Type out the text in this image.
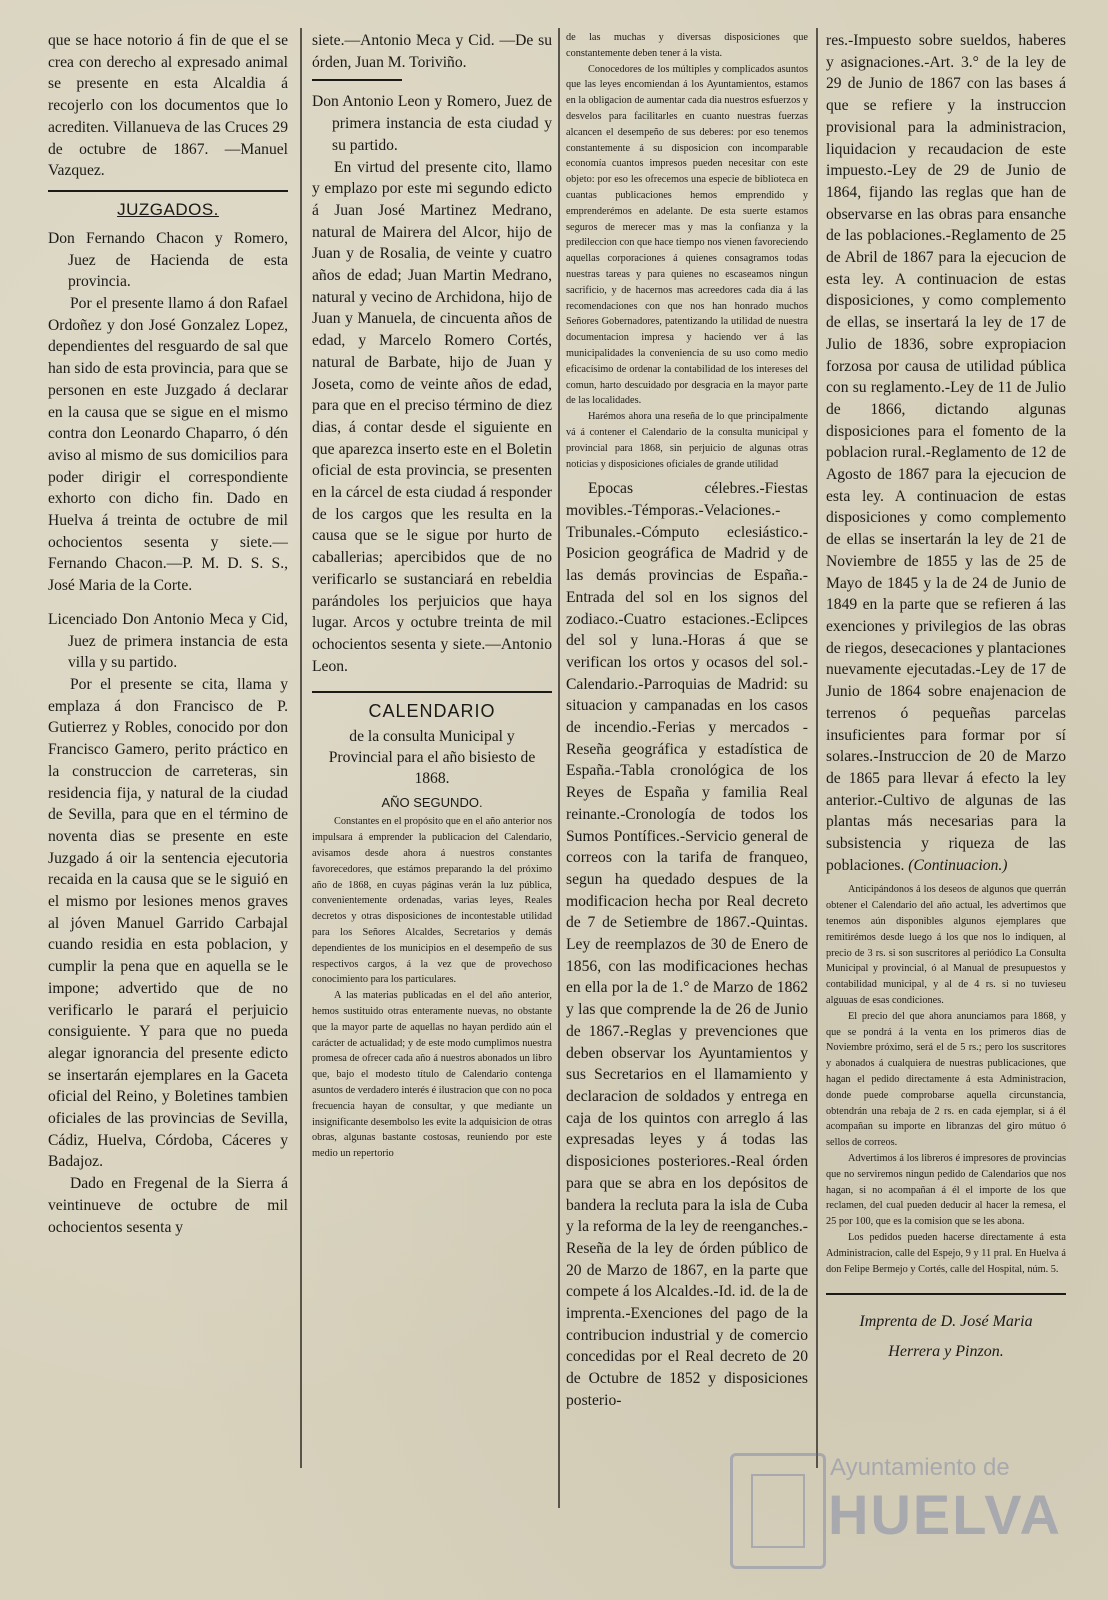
que se hace notorio á fin de que el se crea con derecho al expresado animal se presente en esta Alcaldia á recojerlo con los documentos que lo acrediten. Villanueva de las Cruces 29 de octubre de 1867. —Manuel Vazquez.

JUZGADOS.

Don Fernando Chacon y Romero, Juez de Hacienda de esta provincia.

Por el presente llamo á don Rafael Ordoñez y don José Gonzalez Lopez, dependientes del resguardo de sal que han sido de esta provincia, para que se personen en este Juzgado á declarar en la causa que se sigue en el mismo contra don Leonardo Chaparro, ó dén aviso al mismo de sus domicilios para poder dirigir el correspondiente exhorto con dicho fin. Dado en Huelva á treinta de octubre de mil ochocientos sesenta y siete.—Fernando Chacon.—P. M. D. S. S., José Maria de la Corte.

Licenciado Don Antonio Meca y Cid, Juez de primera instancia de esta villa y su partido.

Por el presente se cita, llama y emplaza á don Francisco de P. Gutierrez y Robles, conocido por don Francisco Gamero, perito práctico en la construccion de carreteras, sin residencia fija, y natural de la ciudad de Sevilla, para que en el término de noventa dias se presente en este Juzgado á oir la sentencia ejecutoria recaida en la causa que se le siguió en el mismo por lesiones menos graves al jóven Manuel Garrido Carbajal cuando residia en esta poblacion, y cumplir la pena que en aquella se le impone; advertido que de no verificarlo le parará el perjuicio consiguiente. Y para que no pueda alegar ignorancia del presente edicto se insertarán ejemplares en la Gaceta oficial del Reino, y Boletines tambien oficiales de las provincias de Sevilla, Cádiz, Huelva, Córdoba, Cáceres y Badajoz.

Dado en Fregenal de la Sierra á veintinueve de octubre de mil ochocientos sesenta y

siete.—Antonio Meca y Cid. —De su órden, Juan M. Toriviño.

Don Antonio Leon y Romero, Juez de primera instancia de esta ciudad y su partido.

En virtud del presente cito, llamo y emplazo por este mi segundo edicto á Juan José Martinez Medrano, natural de Mairera del Alcor, hijo de Juan y de Rosalia, de veinte y cuatro años de edad; Juan Martin Medrano, natural y vecino de Archidona, hijo de Juan y Manuela, de cincuenta años de edad, y Marcelo Romero Cortés, natural de Barbate, hijo de Juan y Joseta, como de veinte años de edad, para que en el preciso término de diez dias, á contar desde el siguiente en que aparezca inserto este en el Boletin oficial de esta provincia, se presenten en la cárcel de esta ciudad á responder de los cargos que les resulta en la causa que se le sigue por hurto de caballerias; apercibidos que de no verificarlo se sustanciará en rebeldia parándoles los perjuicios que haya lugar. Arcos y octubre treinta de mil ochocientos sesenta y siete.—Antonio Leon.

CALENDARIO

de la consulta Municipal y Provincial para el año bisiesto de 1868.

AÑO SEGUNDO.

Constantes en el propósito que en el año anterior nos impulsara á emprender la publicacion del Calendario, avisamos desde ahora á nuestros constantes favorecedores, que estámos preparando la del próximo año de 1868, en cuyas páginas verán la luz pública, convenientemente ordenadas, varias leyes, Reales decretos y otras disposiciones de incontestable utilidad para los Señores Alcaldes, Secretarios y demás dependientes de los municipios en el desempeño de sus respectivos cargos, á la vez que de provechoso conocimiento para los particulares.

A las materias publicadas en el del año anterior, hemos sustituido otras enteramente nuevas, no obstante que la mayor parte de aquellas no hayan perdido aún el carácter de actualidad; y de este modo cumplimos nuestra promesa de ofrecer cada año á nuestros abonados un libro que, bajo el modesto título de Calendario contenga asuntos de verdadero interés é ilustracion que con no poca frecuencia hayan de consultar, y que mediante un insignificante desembolso les evite la adquisicion de otras obras, algunas bastante costosas, reuniendo por este medio un repertorio

de las muchas y diversas disposiciones que constantemente deben tener á la vista.

Conocedores de los múltiples y complicados asuntos que las leyes encomiendan á los Ayuntamientos, estamos en la obligacion de aumentar cada dia nuestros esfuerzos y desvelos para facilitarles en cuanto nuestras fuerzas alcancen el desempeño de sus deberes: por eso tenemos constantemente á su disposicion con incomparable economía cuantos impresos pueden necesitar con este objeto: por eso les ofrecemos una especie de biblioteca en cuantas publicaciones hemos emprendido y emprenderémos en adelante. De esta suerte estamos seguros de merecer mas y mas la confianza y la predileccion con que hace tiempo nos vienen favoreciendo aquellas corporaciones á quienes consagramos todas nuestras tareas y para quienes no escaseamos ningun sacrificio, y de hacernos mas acreedores cada dia á las recomendaciones con que nos han honrado muchos Señores Gobernadores, patentizando la utilidad de nuestra documentacion impresa y haciendo ver á las municipalidades la conveniencia de su uso como medio eficacísimo de ordenar la contabilidad de los intereses del comun, harto descuidado por desgracia en la mayor parte de las localidades.

Harémos ahora una reseña de lo que principalmente vá á contener el Calendario de la consulta municipal y provincial para 1868, sin perjuicio de algunas otras noticias y disposiciones oficiales de grande utilidad

Epocas célebres.-Fiestas movibles.-Témporas.-Velaciones.-Tribunales.-Cómputo eclesiástico.-Posicion geográfica de Madrid y de las demás provincias de España.-Entrada del sol en los signos del zodiaco.-Cuatro estaciones.-Eclipces del sol y luna.-Horas á que se verifican los ortos y ocasos del sol.-Calendario.-Parroquias de Madrid: su situacion y campanadas en los casos de incendio.-Ferias y mercados -Reseña geográfica y estadística de España.-Tabla cronológica de los Reyes de España y familia Real reinante.-Cronología de todos los Sumos Pontífices.-Servicio general de correos con la tarifa de franqueo, segun ha quedado despues de la modificacion hecha por Real decreto de 7 de Setiembre de 1867.-Quintas. Ley de reemplazos de 30 de Enero de 1856, con las modificaciones hechas en ella por la de 1.° de Marzo de 1862 y las que comprende la de 26 de Junio de 1867.-Reglas y prevenciones que deben observar los Ayuntamientos y sus Secretarios en el llamamiento y declaracion de soldados y entrega en caja de los quintos con arreglo á las expresadas leyes y á todas las disposiciones posteriores.-Real órden para que se abra en los depósitos de bandera la recluta para la isla de Cuba y la reforma de la ley de reenganches.-Reseña de la ley de órden público de 20 de Marzo de 1867, en la parte que compete á los Alcaldes.-Id. id. de la de imprenta.-Exenciones del pago de la contribucion industrial y de comercio concedidas por el Real decreto de 20 de Octubre de 1852 y disposiciones posterio-

res.-Impuesto sobre sueldos, haberes y asignaciones.-Art. 3.° de la ley de 29 de Junio de 1867 con las bases á que se refiere y la instruccion provisional para la administracion, liquidacion y recaudacion de este impuesto.-Ley de 29 de Junio de 1864, fijando las reglas que han de observarse en las obras para ensanche de las poblaciones.-Reglamento de 25 de Abril de 1867 para la ejecucion de esta ley. A continuacion de estas disposiciones, y como complemento de ellas, se insertará la ley de 17 de Julio de 1836, sobre expropiacion forzosa por causa de utilidad pública con su reglamento.-Ley de 11 de Julio de 1866, dictando algunas disposiciones para el fomento de la poblacion rural.-Reglamento de 12 de Agosto de 1867 para la ejecucion de esta ley. A continuacion de estas disposiciones y como complemento de ellas se insertarán la ley de 21 de Noviembre de 1855 y las de 25 de Mayo de 1845 y la de 24 de Junio de 1849 en la parte que se refieren á las exenciones y privilegios de las obras de riegos, desecaciones y plantaciones nuevamente ejecutadas.-Ley de 17 de Junio de 1864 sobre enajenacion de terrenos ó pequeñas parcelas insuficientes para formar por sí solares.-Instruccion de 20 de Marzo de 1865 para llevar á efecto la ley anterior.-Cultivo de algunas de las plantas más necesarias para la subsistencia y riqueza de las poblaciones. (Continuacion.)

Anticipándonos á los deseos de algunos que querrán obtener el Calendario del año actual, les advertimos que tenemos aún disponibles algunos ejemplares que remitirémos desde luego á los que nos lo indiquen, al precio de 3 rs. si son suscritores al periódico La Consulta Municipal y provincial, ó al Manual de presupuestos y contabilidad municipal, y al de 4 rs. si no tuvieseu alguuas de esas condiciones.

El precio del que ahora anunciamos para 1868, y que se pondrá á la venta en los primeros dias de Noviembre próximo, será el de 5 rs.; pero los suscritores y abonados á cualquiera de nuestras publicaciones, que hagan el pedido directamente á esta Administracion, donde puede comprobarse aquella circunstancia, obtendrán una rebaja de 2 rs. en cada ejemplar, si á él acompañan su importe en libranzas del giro mútuo ó sellos de correos.

Advertimos á los libreros é impresores de provincias que no serviremos ningun pedido de Calendarios que nos hagan, si no acompañan á él el importe de los que reclamen, del cual pueden deducir al hacer la remesa, el 25 por 100, que es la comision que se les abona.

Los pedidos pueden hacerse directamente á esta Administracion, calle del Espejo, 9 y 11 pral. En Huelva á don Felipe Bermejo y Cortés, calle del Hospital, núm. 5.

Imprenta de D. José Maria
Herrera y Pinzon.
Ayuntamiento de
HUELVA
